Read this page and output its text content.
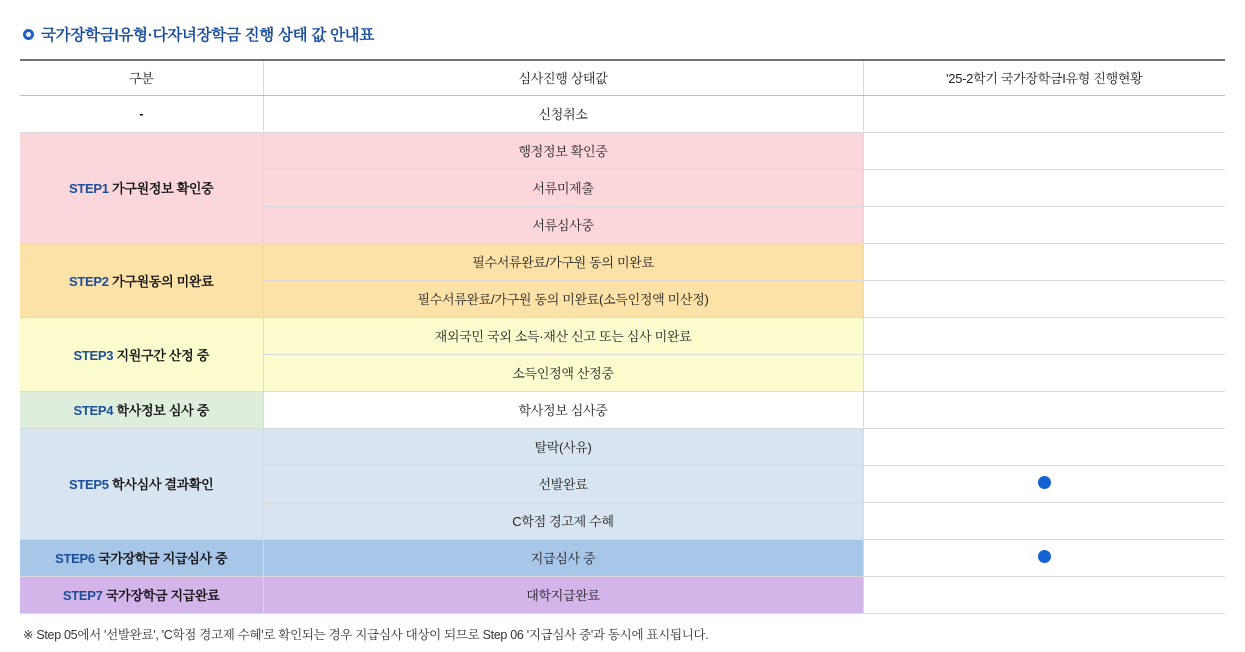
국가장학금I유형·다자녀장학금 진행 상태 값 안내표
구분	심사진행 상태값	'25-2학기 국가장학금I유형 진행현황
-	신청취소	
STEP1 가구원정보 확인중	행정정보 확인중	
	서류미제출	
	서류심사중	
STEP2 가구원동의 미완료	필수서류완료/가구원 동의 미완료	
	필수서류완료/가구원 동의 미완료(소득인정액 미산정)	
STEP3 지원구간 산정 중	재외국민 국외 소득·재산 신고 또는 심사 미완료	
	소득인정액 산정중	
STEP4 학사정보 심사 중	학사정보 심사중	
STEP5 학사심사 결과확인	탈락(사유)	
	선발완료	
	C학점 경고제 수혜	
STEP6 국가장학금 지급심사 중	지급심사 중	
STEP7 국가장학금 지급완료	대학지급완료	
※ Step 05에서 '선발완료', 'C학점 경고제 수혜'로 확인되는 경우 지급심사 대상이 되므로 Step 06 '지급심사 중'과 동시에 표시됩니다.
